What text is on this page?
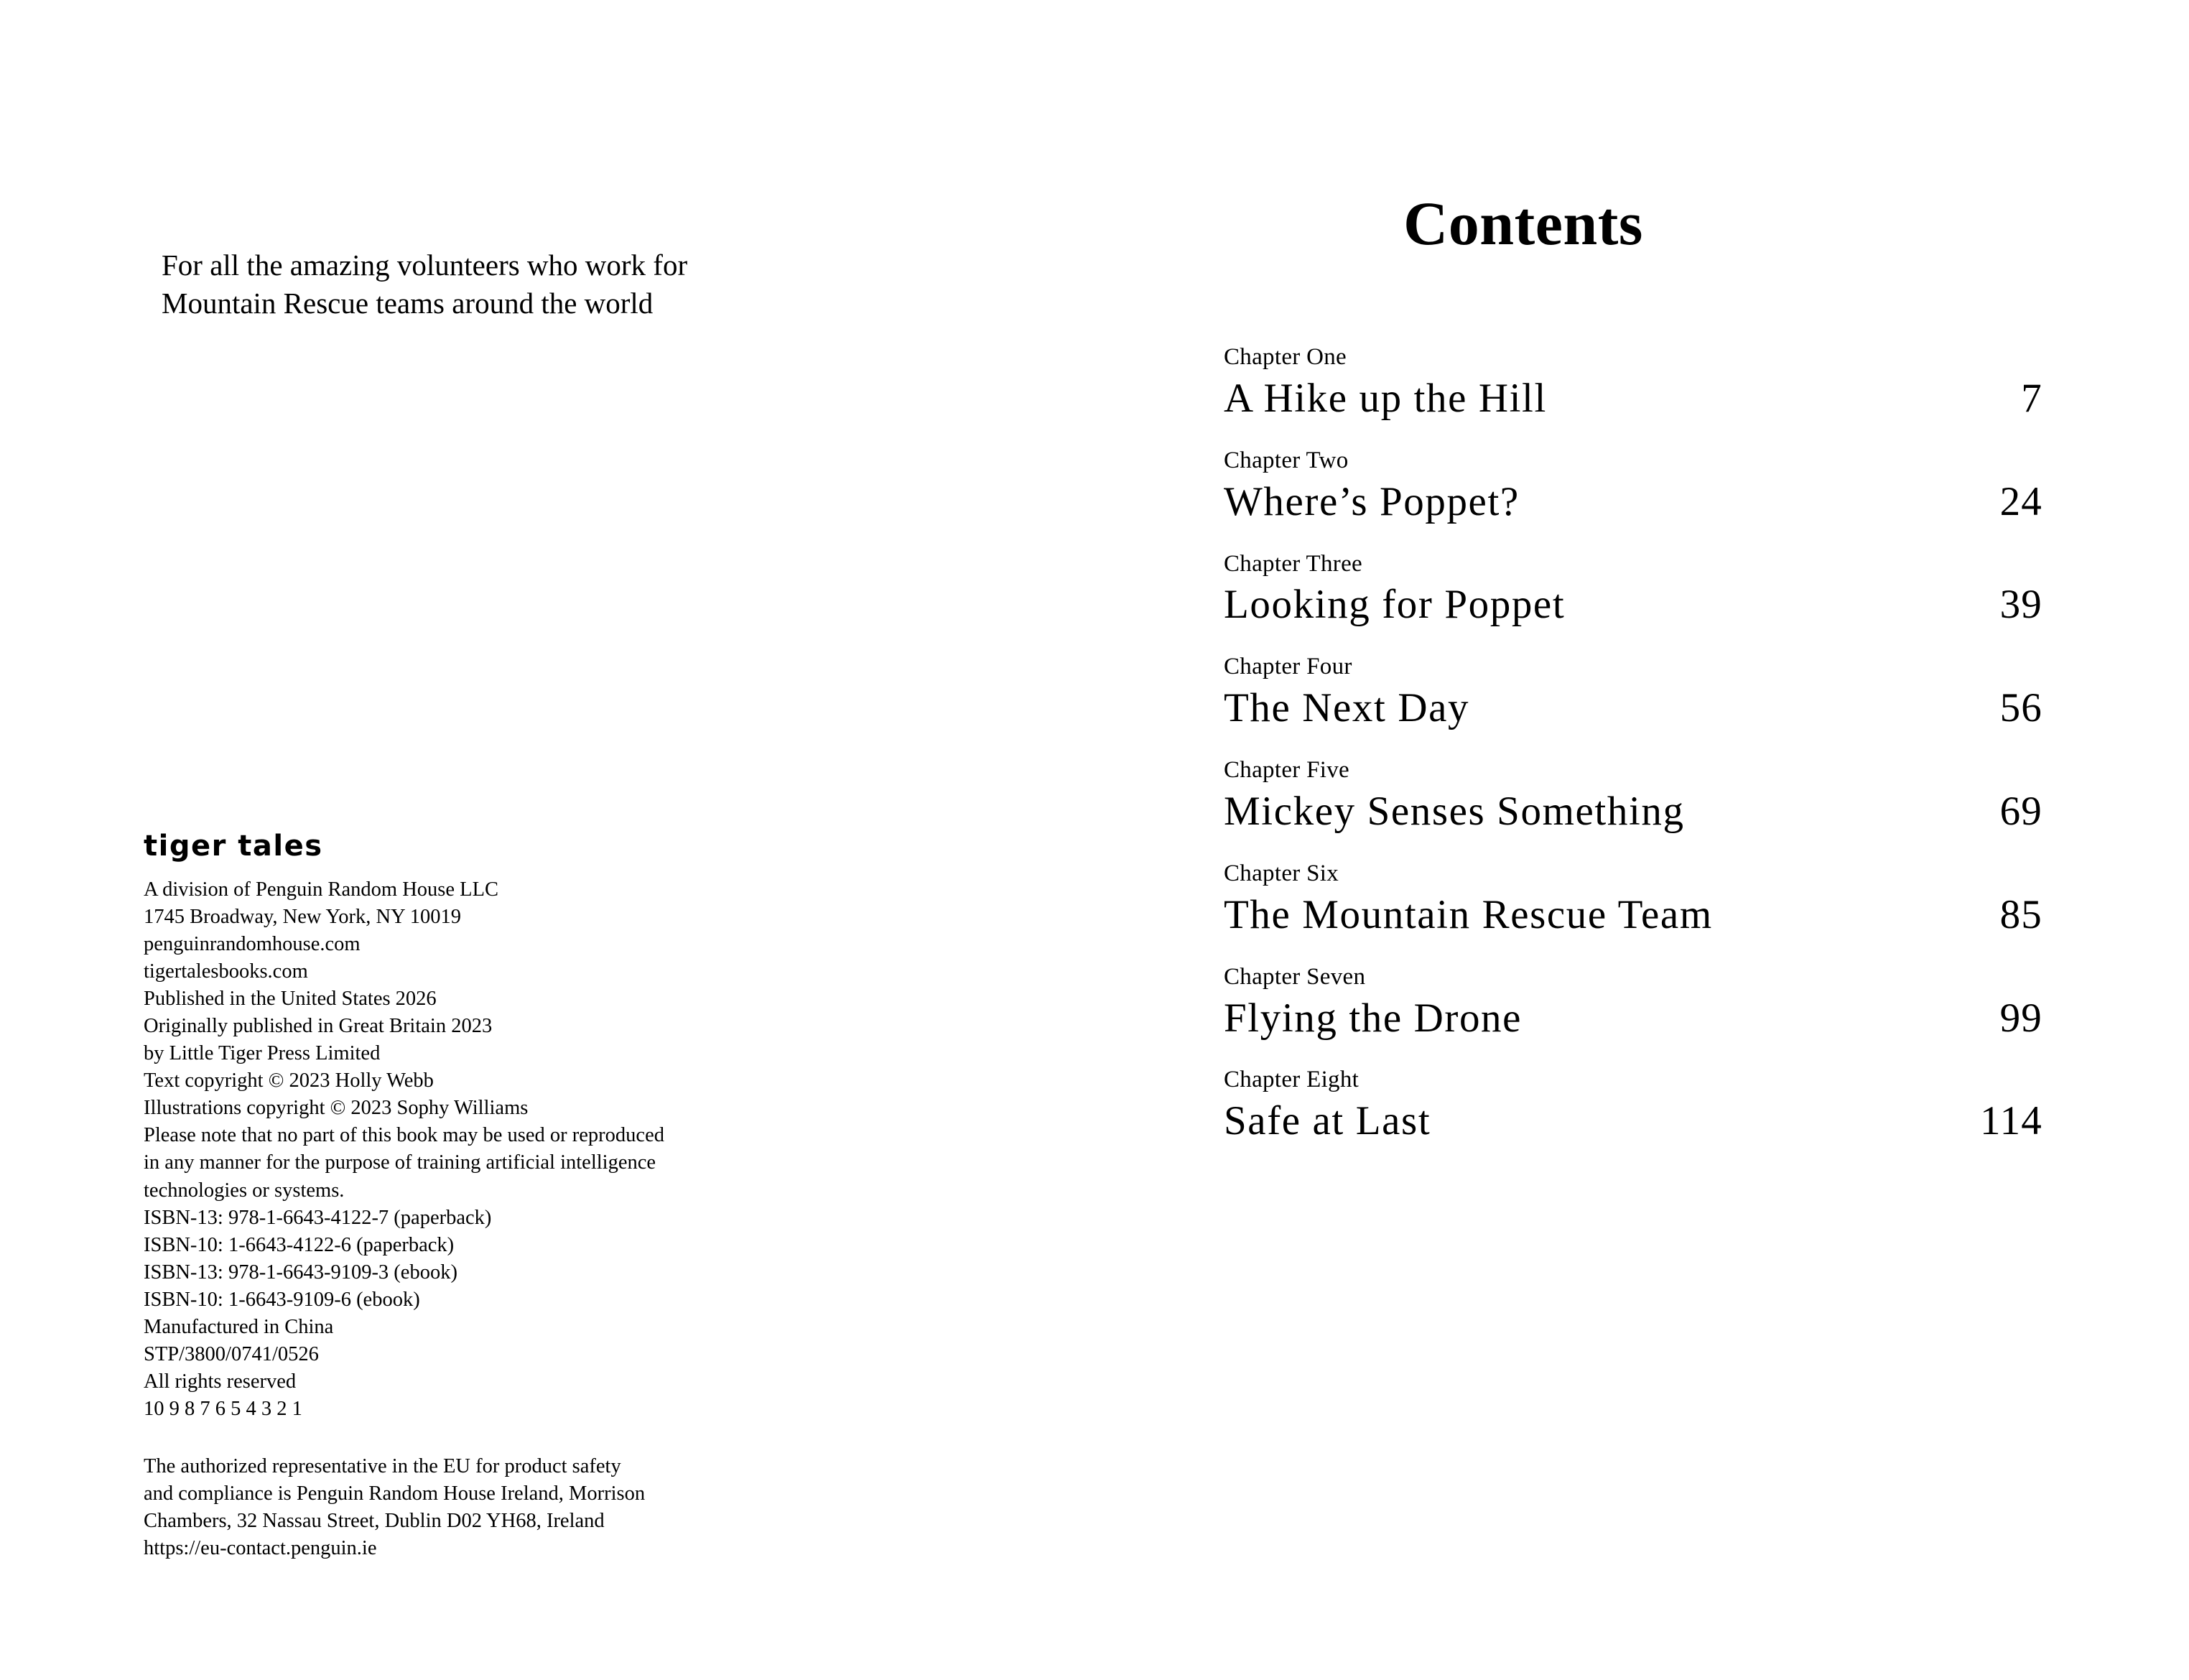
For all the amazing volunteers who work for
Mountain Rescue teams around the world
tiger tales
A division of Penguin Random House LLC
1745 Broadway, New York, NY 10019
penguinrandomhouse.com
tigertalesbooks.com
Published in the United States 2026
Originally published in Great Britain 2023
by Little Tiger Press Limited
Text copyright © 2023 Holly Webb
Illustrations copyright © 2023 Sophy Williams
Please note that no part of this book may be used or reproduced
in any manner for the purpose of training artificial intelligence
technologies or systems.
ISBN-13: 978-1-6643-4122-7 (paperback)
ISBN-10: 1-6643-4122-6 (paperback)
ISBN-13: 978-1-6643-9109-3 (ebook)
ISBN-10: 1-6643-9109-6 (ebook)
Manufactured in China
STP/3800/0741/0526
All rights reserved
10 9 8 7 6 5 4 3 2 1
The authorized representative in the EU for product safety
and compliance is Penguin Random House Ireland, Morrison
Chambers, 32 Nassau Street, Dublin D02 YH68, Ireland
https://eu-contact.penguin.ie
Contents
Chapter One
A Hike up the Hill	7
Chapter Two
Where’s Poppet?	24
Chapter Three
Looking for Poppet	39
Chapter Four
The Next Day	56
Chapter Five
Mickey Senses Something	69
Chapter Six
The Mountain Rescue Team	85
Chapter Seven
Flying the Drone	99
Chapter Eight
Safe at Last	114
